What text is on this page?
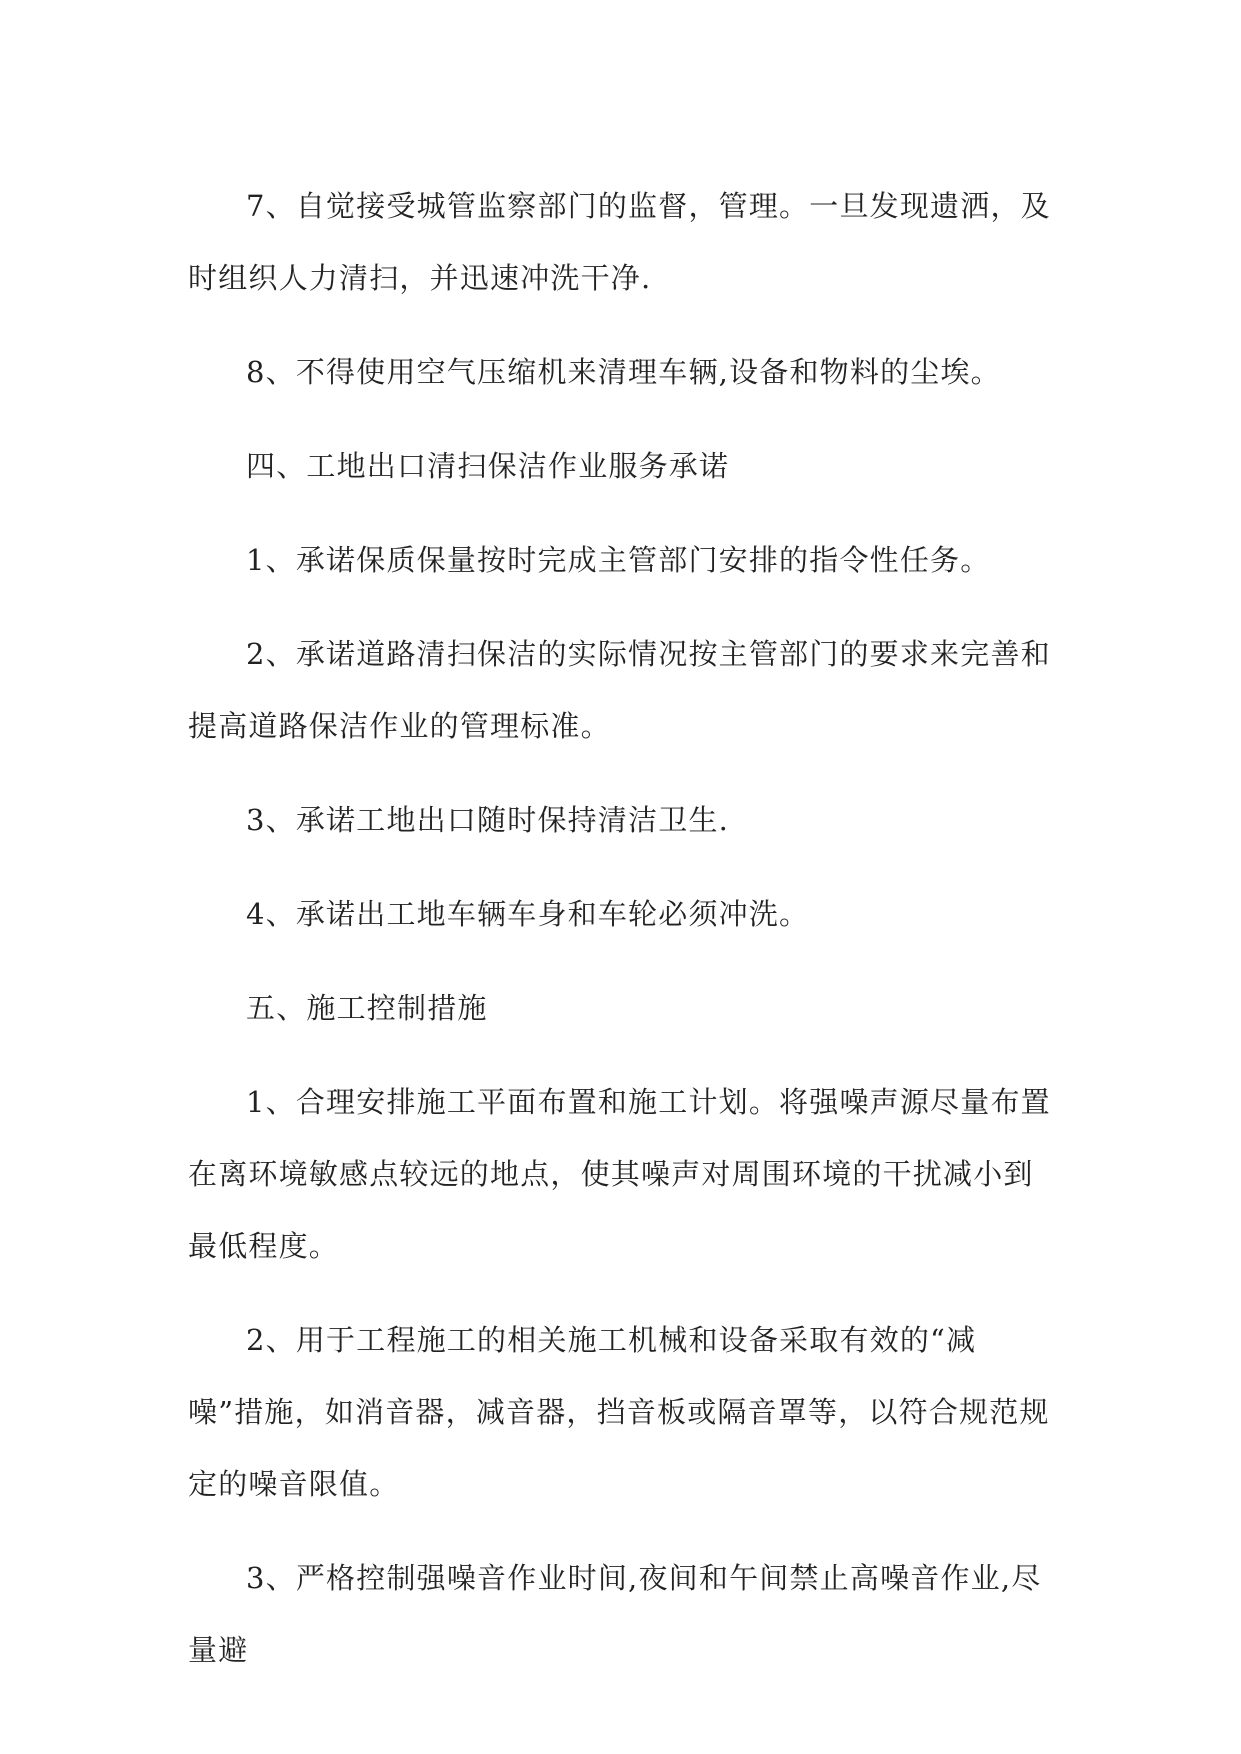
7、自觉接受城管监察部门的监督，管理。一旦发现遗洒，及时组织人力清扫，并迅速冲洗干净.

8、不得使用空气压缩机来清理车辆,设备和物料的尘埃。

四、工地出口清扫保洁作业服务承诺

1、承诺保质保量按时完成主管部门安排的指令性任务。

2、承诺道路清扫保洁的实际情况按主管部门的要求来完善和提高道路保洁作业的管理标准。

3、承诺工地出口随时保持清洁卫生.

4、承诺出工地车辆车身和车轮必须冲洗。

五、施工控制措施

1、合理安排施工平面布置和施工计划。将强噪声源尽量布置在离环境敏感点较远的地点，使其噪声对周围环境的干扰减小到最低程度。

2、用于工程施工的相关施工机械和设备采取有效的“减噪”措施，如消音器，减音器，挡音板或隔音罩等，以符合规范规定的噪音限值。

3、严格控制强噪音作业时间,夜间和午间禁止高噪音作业,尽量避
